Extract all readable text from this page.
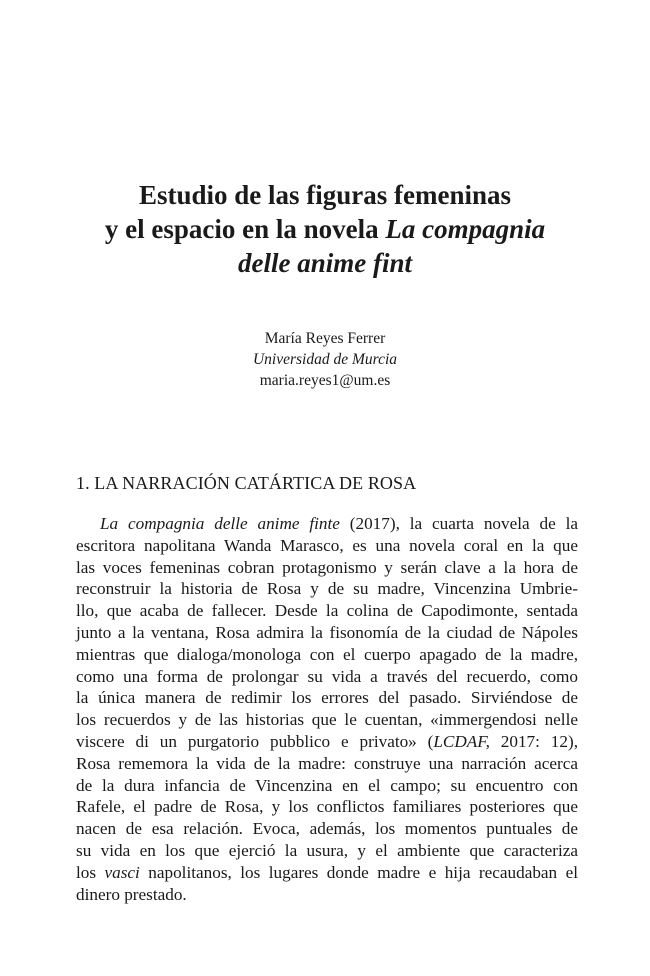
Estudio de las figuras femeninas
y el espacio en la novela La compagnia
delle anime fint
María Reyes Ferrer
Universidad de Murcia
maria.reyes1@um.es
1. LA NARRACIÓN CATÁRTICA DE ROSA
La compagnia delle anime finte (2017), la cuarta novela de la
escritora napolitana Wanda Marasco, es una novela coral en la que
las voces femeninas cobran protagonismo y serán clave a la hora de
reconstruir la historia de Rosa y de su madre, Vincenzina Umbrie-
llo, que acaba de fallecer. Desde la colina de Capodimonte, sentada
junto a la ventana, Rosa admira la fisonomía de la ciudad de Nápoles
mientras que dialoga/monologa con el cuerpo apagado de la madre,
como una forma de prolongar su vida a través del recuerdo, como
la única manera de redimir los errores del pasado. Sirviéndose de
los recuerdos y de las historias que le cuentan, «immergendosi nelle
viscere di un purgatorio pubblico e privato» (LCDAF, 2017: 12),
Rosa rememora la vida de la madre: construye una narración acerca
de la dura infancia de Vincenzina en el campo; su encuentro con
Rafele, el padre de Rosa, y los conflictos familiares posteriores que
nacen de esa relación. Evoca, además, los momentos puntuales de
su vida en los que ejerció la usura, y el ambiente que caracteriza
los vasci napolitanos, los lugares donde madre e hija recaudaban el
dinero prestado.
